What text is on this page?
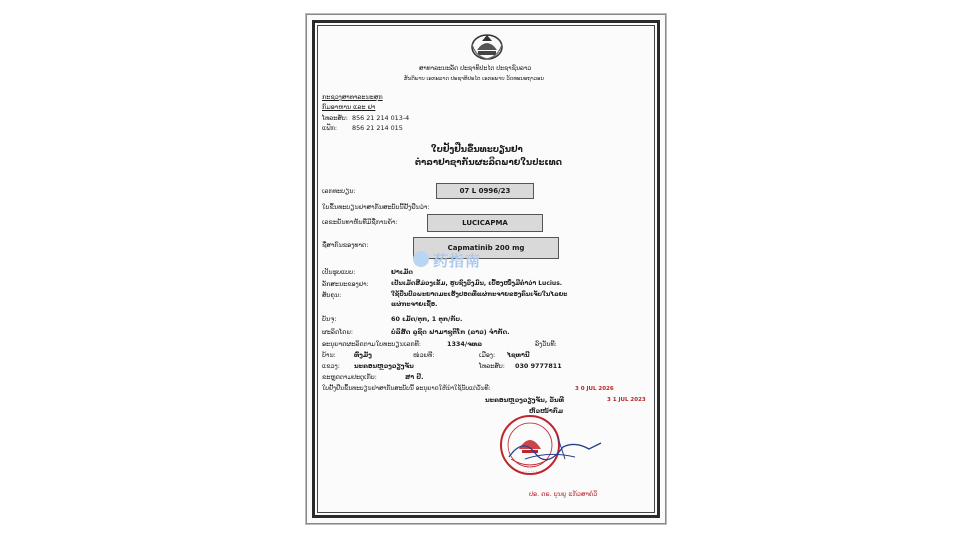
ສາທາລະນະລັດ ປະຊາທິປະໄຕ ປະຊາຊົນລາວ
ສັນຕິພາບ ເອກະລາດ ປະຊາທິປະໄຕ ເອກະພາບ ວັດທະນະຖາວອນ
ກະຊວງສາທາລະນະສຸກ
ກົມອາຫານ ແລະ ຢາ
ໂທລະສັບ: 856 21 214 013-4
ແຟັກ: 856 21 214 015
ໃບຢັ້ງຢືນຂຶ້ນທະບຽນຢາ
ຕຳລາຢາຊາກັນຜະລິດພາຍໃນປະເທດ
ເລກທະບຽນ:	07 L 0996/23
ໃບຂຶ້ນທະບຽນຢາສາກັນສະບັບນີ້ຢັ້ງຢືນວ່າ:
ເລຂະຍັນທາຫັນທີ່ມີຊື່ການຄ້າ:	LUCICAPMA
ຊື່ສາກົນຂອງທາດ:	Capmatinib 200 mg
药指南
ເປັນຮູບແບບ:	ຢາເມັດ
ລັກສະນະຂອງຢາ:	ເປັນເມັດສີມ່ວງເຂັ້ມ, ຮູບຊົງວົງມົນ, ເບື້ອງໜຶ່ງມີຄຳວ່າ Lucius.
ສັບຄຸນ:	ໃຊ້ປິ່ນປົວພະຍາດມະເຮັງປອດທີ່ແຜ່ກະຈາຍຂອງຄົນເຈັບໃນໄລຍະ
ແຜ່ກະຈາຍເຊື້ອ.
ບັນຈຸ:	60 ເມັດ/ຕຸກ, 1 ຕຸກ/ກັບ.
ຜະລິດໂດຍ:	ບໍລິສັດ ລູຊິດ ຟາມາຊູຕິໂກ (ລາວ) ຈຳກັດ.
ອະນຸຍາດຜະລິດຕາມໃບທະບຽນເລກທີ:	1334/ຈທລ	ລົງວັນທີ:
ບ້ານ:	ທົ່ງມັງ	ໜ່ວຍທີ:	ເມືອງ: ໄຊທານີ
ແຂວງ: ນະຄອນຫຼວງວຽງຈັນ	ໂທລະສັບ: 030 9777811
ຂະຫຼຸດຕາມປະຕູເກັບ:	ສາ ປີ.
ໃບຢັ້ງຢືນຂຶ້ນທະບຽນຢາສາກັນສະບັບນີ້ ອະນຸຍາດໃຫ້ນຳໃຊ້ນັບແຕ່ວັນທີ:	3 0 JUL 2026
ນະຄອນຫຼວງວຽງຈັນ, ວັນທີ	3 1 JUL 2023
ຫົວໜ້າກົມ
· · · · · ·
ປອ. ດຣ. ບຸນຍູ ແກ້ວສາຄໍວິ
